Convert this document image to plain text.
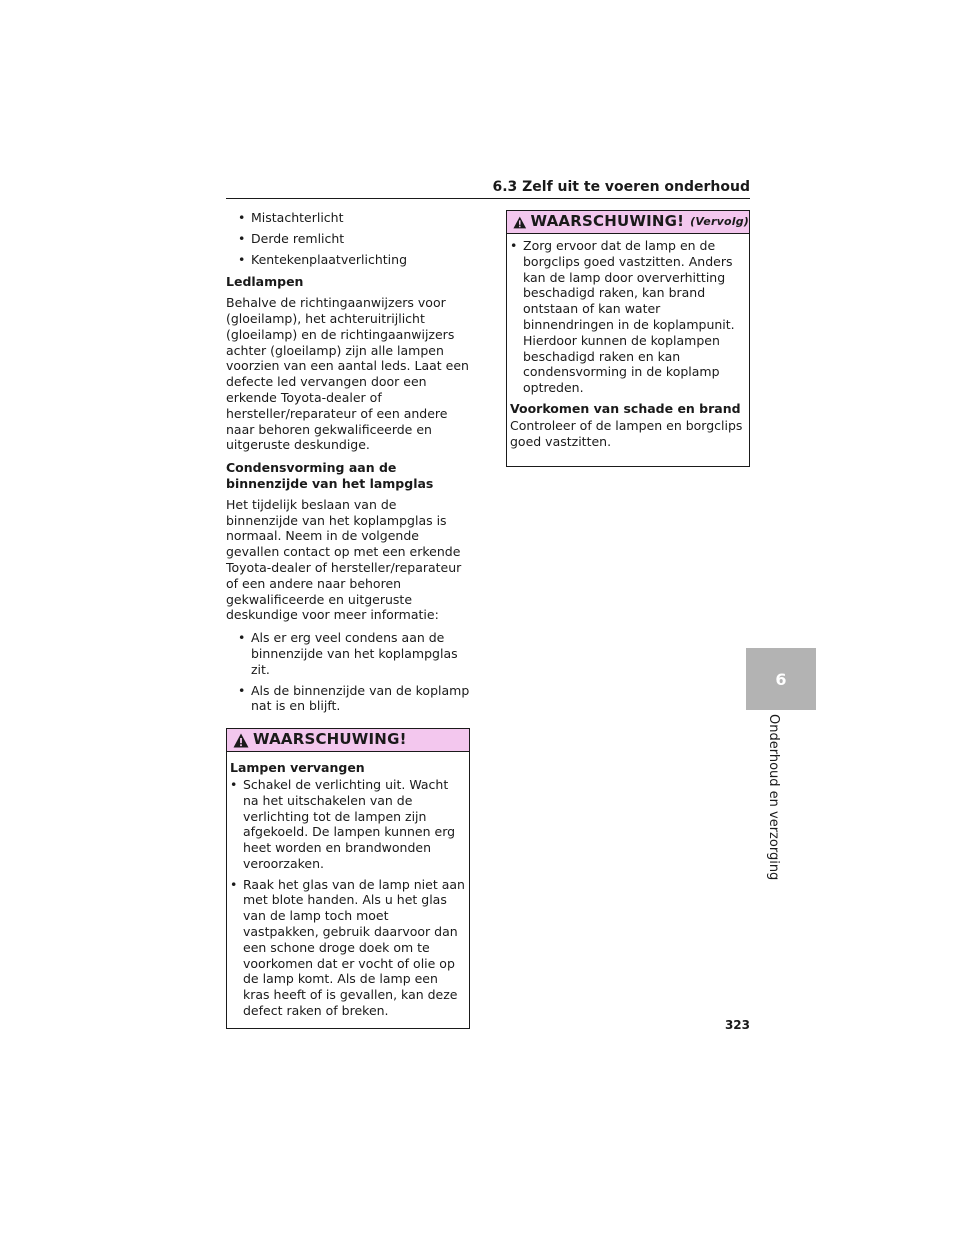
6.3 Zelf uit te voeren onderhoud
• Mistachterlicht
• Derde remlicht
• Kentekenplaatverlichting
Ledlampen
Behalve de richtingaanwijzers voor (gloeilamp), het achteruitrijlicht (gloeilamp) en de richtingaanwijzers achter (gloeilamp) zijn alle lampen voorzien van een aantal leds. Laat een defecte led vervangen door een erkende Toyota-dealer of hersteller/reparateur of een andere naar behoren gekwalificeerde en uitgeruste deskundige.
Condensvorming aan de binnenzijde van het lampglas
Het tijdelijk beslaan van de binnenzijde van het koplampglas is normaal. Neem in de volgende gevallen contact op met een erkende Toyota-dealer of hersteller/reparateur of een andere naar behoren gekwalificeerde en uitgeruste deskundige voor meer informatie:
• Als er erg veel condens aan de binnenzijde van het koplampglas zit.
• Als de binnenzijde van de koplamp nat is en blijft.
WAARSCHUWING!
Lampen vervangen
• Schakel de verlichting uit. Wacht na het uitschakelen van de verlichting tot de lampen zijn afgekoeld. De lampen kunnen erg heet worden en brandwonden veroorzaken.
• Raak het glas van de lamp niet aan met blote handen. Als u het glas van de lamp toch moet vastpakken, gebruik daarvoor dan een schone droge doek om te voorkomen dat er vocht of olie op de lamp komt. Als de lamp een kras heeft of is gevallen, kan deze defect raken of breken.
WAARSCHUWING! (Vervolg)
• Zorg ervoor dat de lamp en de borgclips goed vastzitten. Anders kan de lamp door oververhitting beschadigd raken, kan brand ontstaan of kan water binnendringen in de koplampunit. Hierdoor kunnen de koplampen beschadigd raken en kan condensvorming in de koplamp optreden.
Voorkomen van schade en brand
Controleer of de lampen en borgclips goed vastzitten.
6
Onderhoud en verzorging
323
